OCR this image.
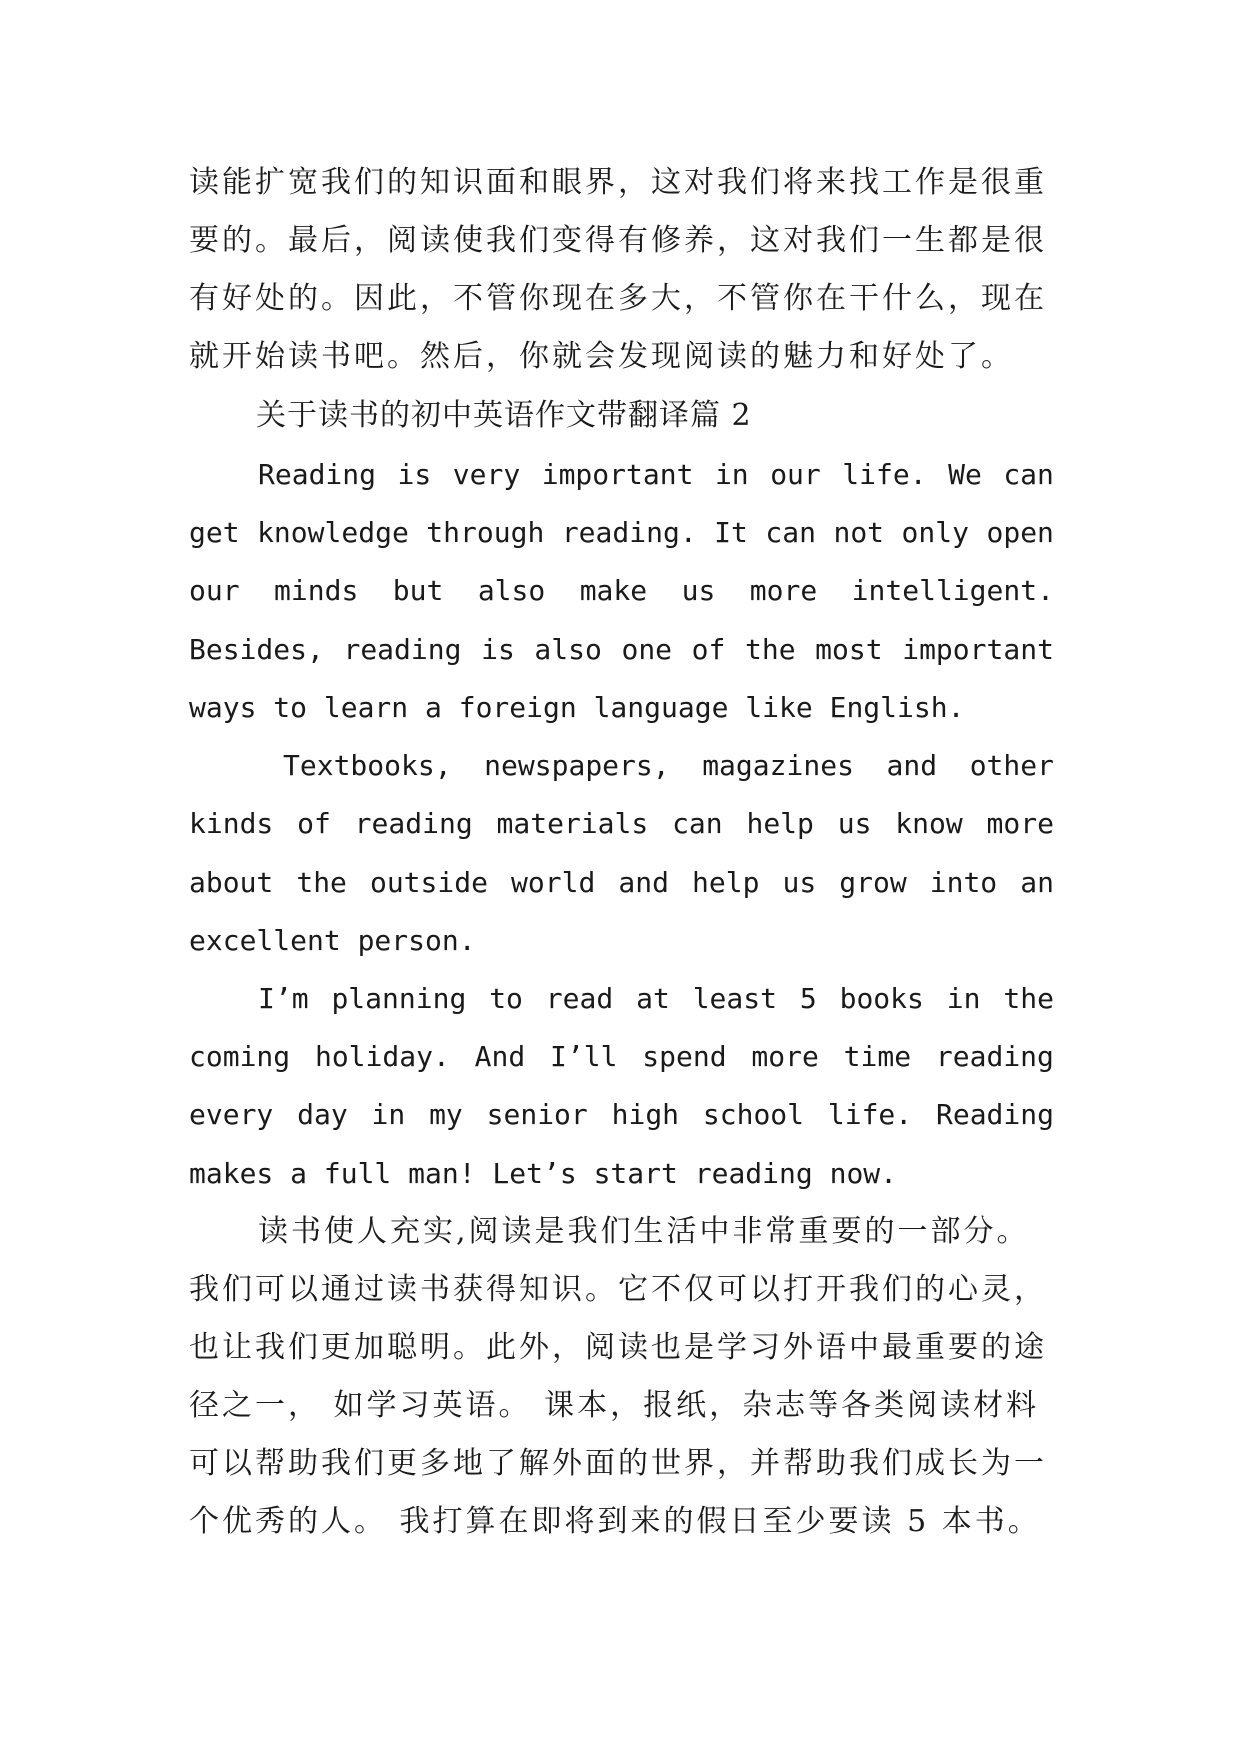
读能扩宽我们的知识面和眼界，这对我们将来找工作是很重
要的。最后，阅读使我们变得有修养，这对我们一生都是很
有好处的。因此，不管你现在多大，不管你在干什么，现在
就开始读书吧。然后，你就会发现阅读的魅力和好处了。
关于读书的初中英语作文带翻译篇 2
Reading is very important in our life. We can
get knowledge through reading. It can not only open
our minds but also make us more intelligent.
Besides, reading is also one of the most important
ways to learn a foreign language like English.
Textbooks, newspapers, magazines and other
kinds of reading materials can help us know more
about the outside world and help us grow into an
excellent person.
I’m planning to read at least 5 books in the
coming holiday. And I’ll spend more time reading
every day in my senior high school life. Reading
makes a full man! Let’s start reading now.
读书使人充实,阅读是我们生活中非常重要的一部分。
我们可以通过读书获得知识。它不仅可以打开我们的心灵，
也让我们更加聪明。此外，阅读也是学习外语中最重要的途
径之一， 如学习英语。 课本，报纸，杂志等各类阅读材料
可以帮助我们更多地了解外面的世界，并帮助我们成长为一
个优秀的人。 我打算在即将到来的假日至少要读 5 本书。
